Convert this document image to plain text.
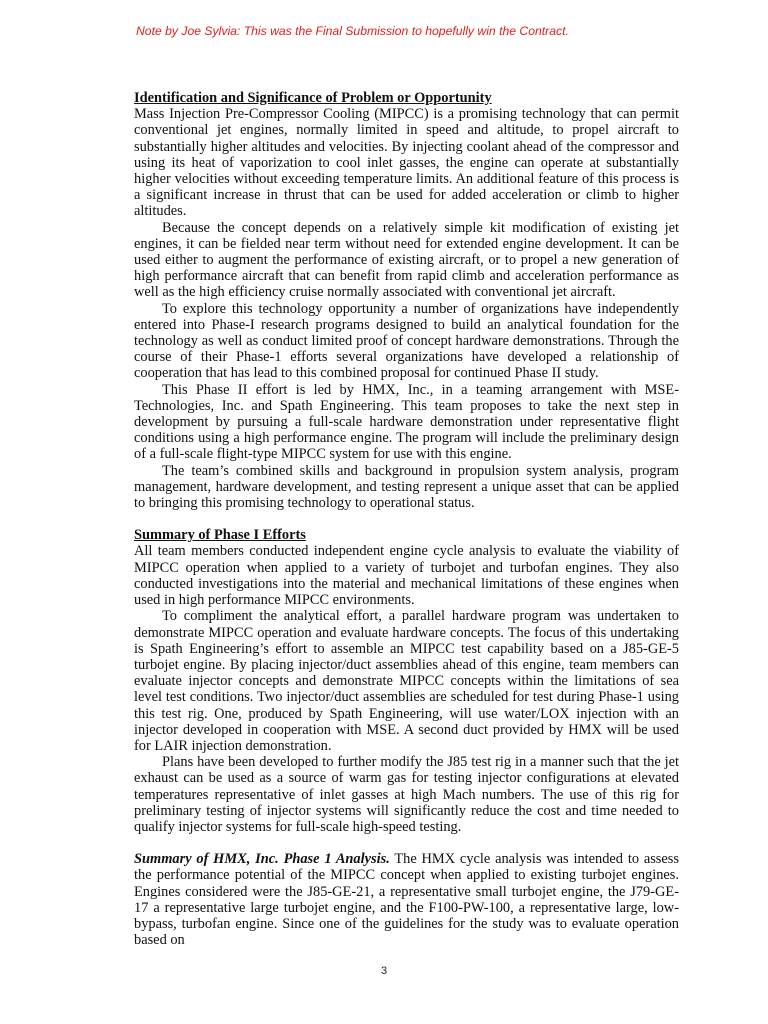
Note by Joe Sylvia: This was the Final Submission to hopefully win the Contract.

Identification and Significance of Problem or Opportunity

Mass Injection Pre-Compressor Cooling (MIPCC) is a promising technology that can permit conventional jet engines, normally limited in speed and altitude, to propel aircraft to substantially higher altitudes and velocities. By injecting coolant ahead of the compressor and using its heat of vaporization to cool inlet gasses, the engine can operate at substantially higher velocities without exceeding temperature limits. An additional feature of this process is a significant increase in thrust that can be used for added acceleration or climb to higher altitudes.

Because the concept depends on a relatively simple kit modification of existing jet engines, it can be fielded near term without need for extended engine development. It can be used either to augment the performance of existing aircraft, or to propel a new generation of high performance aircraft that can benefit from rapid climb and acceleration performance as well as the high efficiency cruise normally associated with conventional jet aircraft.

To explore this technology opportunity a number of organizations have independently entered into Phase-I research programs designed to build an analytical foundation for the technology as well as conduct limited proof of concept hardware demonstrations. Through the course of their Phase-1 efforts several organizations have developed a relationship of cooperation that has lead to this combined proposal for continued Phase II study.

This Phase II effort is led by HMX, Inc., in a teaming arrangement with MSE-Technologies, Inc. and Spath Engineering. This team proposes to take the next step in development by pursuing a full-scale hardware demonstration under representative flight conditions using a high performance engine. The program will include the preliminary design of a full-scale flight-type MIPCC system for use with this engine.

The team’s combined skills and background in propulsion system analysis, program management, hardware development, and testing represent a unique asset that can be applied to bringing this promising technology to operational status.

Summary of Phase I Efforts

All team members conducted independent engine cycle analysis to evaluate the viability of MIPCC operation when applied to a variety of turbojet and turbofan engines. They also conducted investigations into the material and mechanical limitations of these engines when used in high performance MIPCC environments.

To compliment the analytical effort, a parallel hardware program was undertaken to demonstrate MIPCC operation and evaluate hardware concepts. The focus of this undertaking is Spath Engineering’s effort to assemble an MIPCC test capability based on a J85-GE-5 turbojet engine. By placing injector/duct assemblies ahead of this engine, team members can evaluate injector concepts and demonstrate MIPCC concepts within the limitations of sea level test conditions. Two injector/duct assemblies are scheduled for test during Phase-1 using this test rig. One, produced by Spath Engineering, will use water/LOX injection with an injector developed in cooperation with MSE. A second duct provided by HMX will be used for LAIR injection demonstration.

Plans have been developed to further modify the J85 test rig in a manner such that the jet exhaust can be used as a source of warm gas for testing injector configurations at elevated temperatures representative of inlet gasses at high Mach numbers. The use of this rig for preliminary testing of injector systems will significantly reduce the cost and time needed to qualify injector systems for full-scale high-speed testing.

Summary of HMX, Inc. Phase 1 Analysis. The HMX cycle analysis was intended to assess the performance potential of the MIPCC concept when applied to existing turbojet engines. Engines considered were the J85-GE-21, a representative small turbojet engine, the J79-GE-17 a representative large turbojet engine, and the F100-PW-100, a representative large, low-bypass, turbofan engine. Since one of the guidelines for the study was to evaluate operation based on

3
